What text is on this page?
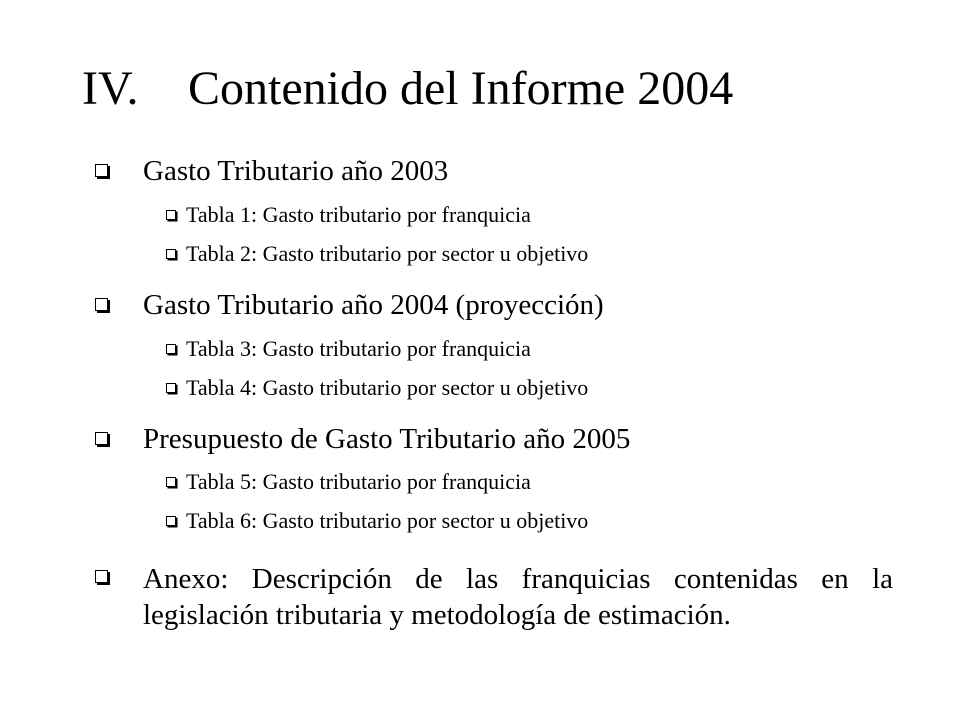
IV. Contenido del Informe 2004
Gasto Tributario año 2003
Tabla 1: Gasto tributario por franquicia
Tabla 2: Gasto tributario por sector u objetivo
Gasto Tributario año 2004 (proyección)
Tabla 3: Gasto tributario por franquicia
Tabla 4: Gasto tributario por sector u objetivo
Presupuesto de Gasto Tributario año 2005
Tabla 5: Gasto tributario por franquicia
Tabla 6: Gasto tributario por sector u objetivo
Anexo: Descripción de las franquicias contenidas en la legislación tributaria y metodología de estimación.
